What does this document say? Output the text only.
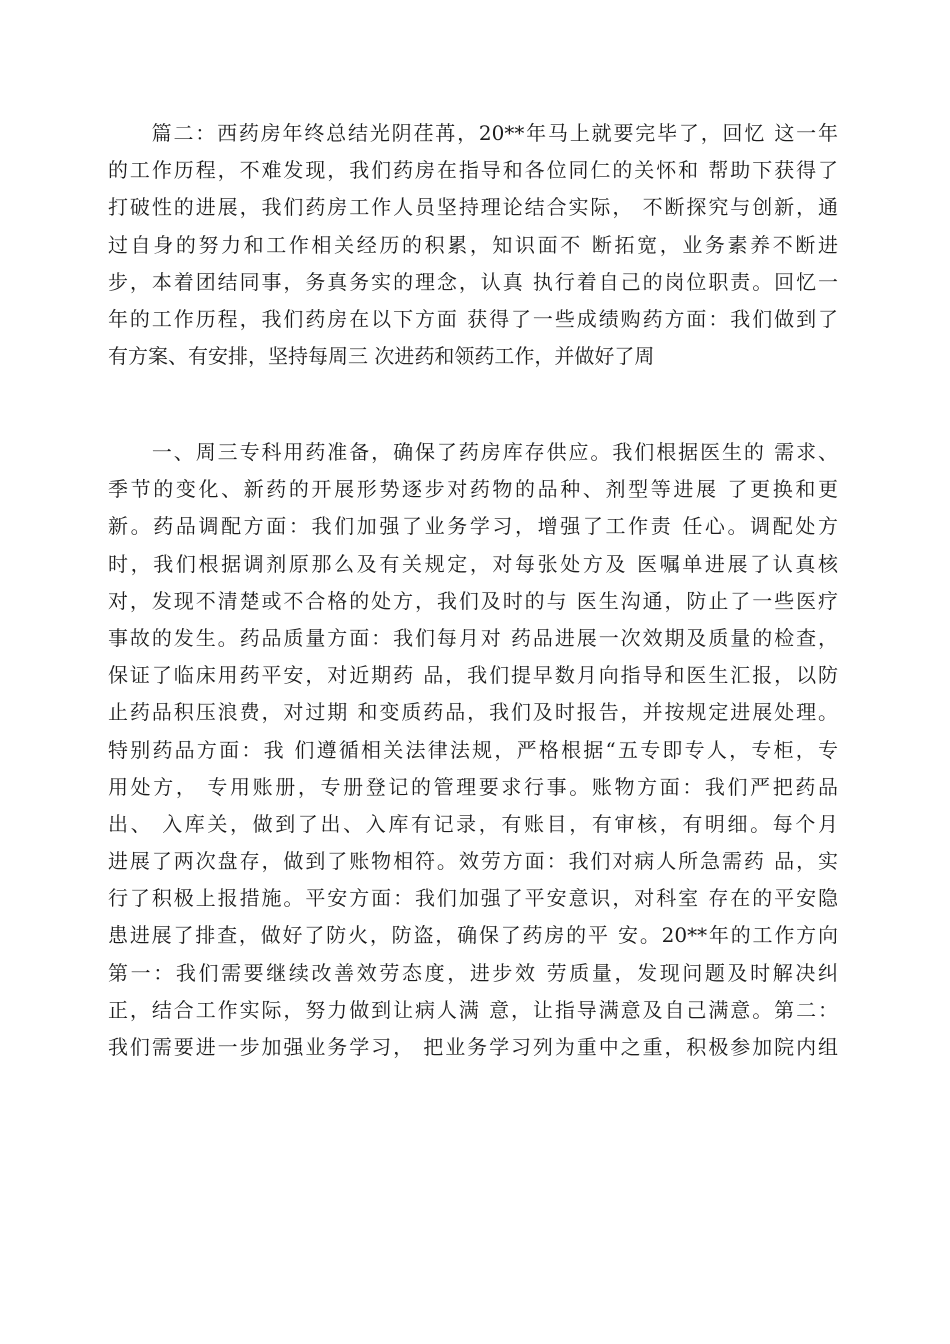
　　篇二：西药房年终总结光阴荏苒，20**年马上就要完毕了，回忆 这一年
的工作历程，不难发现，我们药房在指导和各位同仁的关怀和 帮助下获得了
打破性的进展，我们药房工作人员坚持理论结合实际， 不断探究与创新，通
过自身的努力和工作相关经历的积累，知识面不 断拓宽，业务素养不断进
步，本着团结同事，务真务实的理念，认真 执行着自己的岗位职责。回忆一
年的工作历程，我们药房在以下方面 获得了一些成绩购药方面：我们做到了
有方案、有安排，坚持每周三 次进药和领药工作，并做好了周
　　一、周三专科用药准备，确保了药房库存供应。我们根据医生的 需求、
季节的变化、新药的开展形势逐步对药物的品种、剂型等进展 了更换和更
新。药品调配方面：我们加强了业务学习，增强了工作责 任心。调配处方
时，我们根据调剂原那么及有关规定，对每张处方及 医嘱单进展了认真核
对，发现不清楚或不合格的处方，我们及时的与 医生沟通，防止了一些医疗
事故的发生。药品质量方面：我们每月对 药品进展一次效期及质量的检查，
保证了临床用药平安，对近期药 品，我们提早数月向指导和医生汇报，以防
止药品积压浪费，对过期 和变质药品，我们及时报告，并按规定进展处理。
特别药品方面：我 们遵循相关法律法规，严格根据“五专即专人，专柜，专
用处方， 专用账册，专册登记的管理要求行事。账物方面：我们严把药品
出、 入库关，做到了出、入库有记录，有账目，有审核，有明细。每个月
进展了两次盘存，做到了账物相符。效劳方面：我们对病人所急需药 品，实
行了积极上报措施。平安方面：我们加强了平安意识，对科室 存在的平安隐
患进展了排查，做好了防火，防盗，确保了药房的平 安。20**年的工作方向
第一：我们需要继续改善效劳态度，进步效 劳质量，发现问题及时解决纠
正，结合工作实际，努力做到让病人满 意，让指导满意及自己满意。第二：
我们需要进一步加强业务学习， 把业务学习列为重中之重，积极参加院内组
